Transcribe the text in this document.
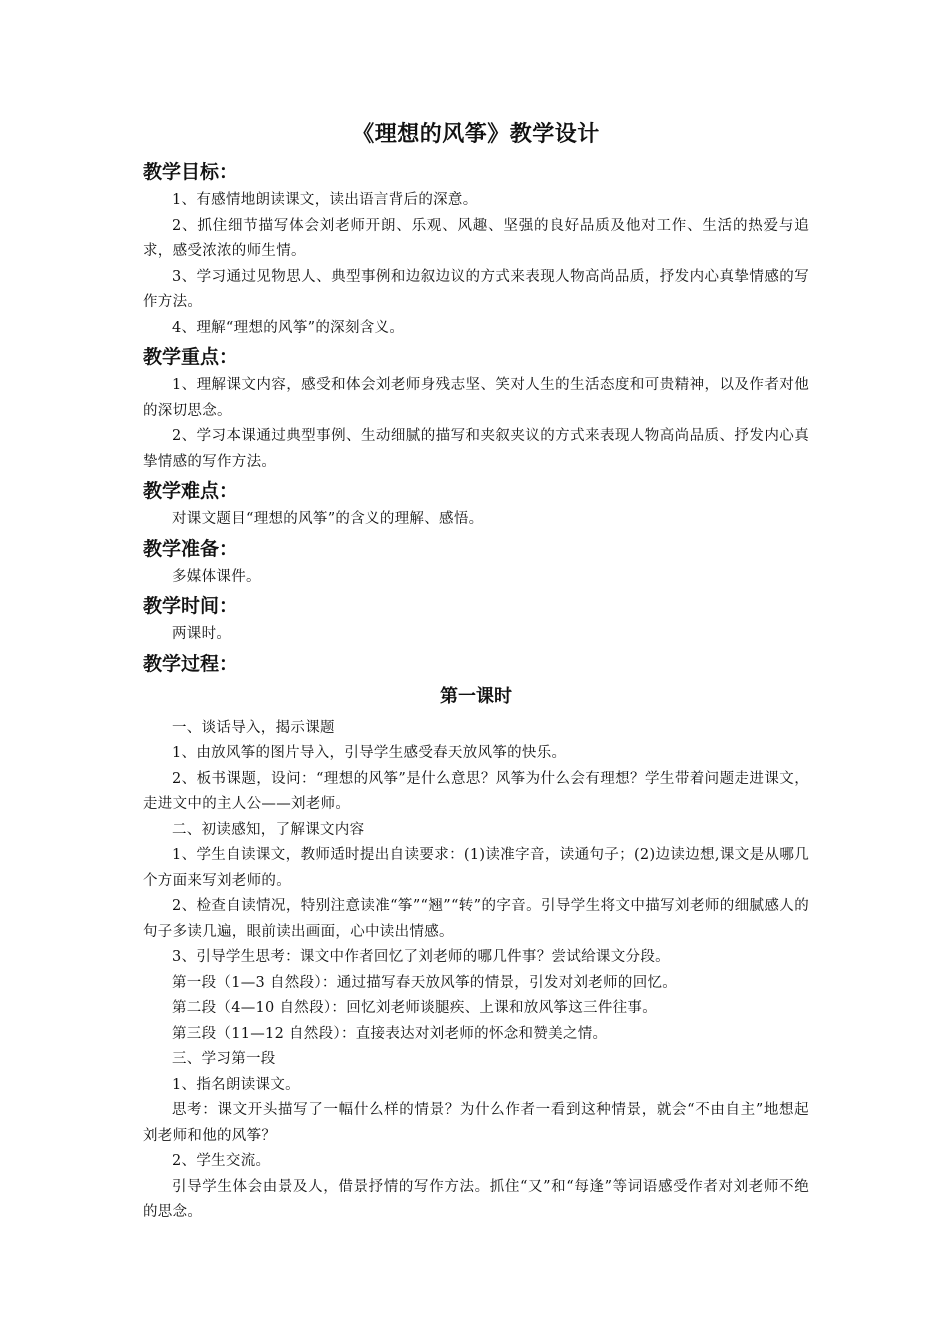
《理想的风筝》教学设计
教学目标：

1、有感情地朗读课文，读出语言背后的深意。

2、抓住细节描写体会刘老师开朗、乐观、风趣、坚强的良好品质及他对工作、生活的热爱与追求，感受浓浓的师生情。

3、学习通过见物思人、典型事例和边叙边议的方式来表现人物高尚品质，抒发内心真挚情感的写作方法。

4、理解“理想的风筝”的深刻含义。

教学重点：

1、理解课文内容，感受和体会刘老师身残志坚、笑对人生的生活态度和可贵精神，以及作者对他的深切思念。

2、学习本课通过典型事例、生动细腻的描写和夹叙夹议的方式来表现人物高尚品质、抒发内心真挚情感的写作方法。

教学难点：

对课文题目“理想的风筝”的含义的理解、感悟。

教学准备：

多媒体课件。

教学时间：

两课时。

教学过程：
第一课时

一、谈话导入，揭示课题

1、由放风筝的图片导入，引导学生感受春天放风筝的快乐。

2、板书课题，设问：“理想的风筝”是什么意思？风筝为什么会有理想？学生带着问题走进课文，走进文中的主人公——刘老师。

二、初读感知，了解课文内容

1、学生自读课文，教师适时提出自读要求：(1)读准字音，读通句子；(2)边读边想,课文是从哪几个方面来写刘老师的。

2、检查自读情况，特别注意读准“筝”“翘”“转”的字音。引导学生将文中描写刘老师的细腻感人的句子多读几遍，眼前读出画面，心中读出情感。

3、引导学生思考：课文中作者回忆了刘老师的哪几件事？尝试给课文分段。

第一段（1—3 自然段）：通过描写春天放风筝的情景，引发对刘老师的回忆。

第二段（4—10 自然段）：回忆刘老师谈腿疾、上课和放风筝这三件往事。

第三段（11—12 自然段）：直接表达对刘老师的怀念和赞美之情。

三、学习第一段

1、指名朗读课文。

思考：课文开头描写了一幅什么样的情景？为什么作者一看到这种情景，就会“不由自主”地想起刘老师和他的风筝？

2、学生交流。

引导学生体会由景及人，借景抒情的写作方法。抓住“又”和“每逢”等词语感受作者对刘老师不绝的思念。
